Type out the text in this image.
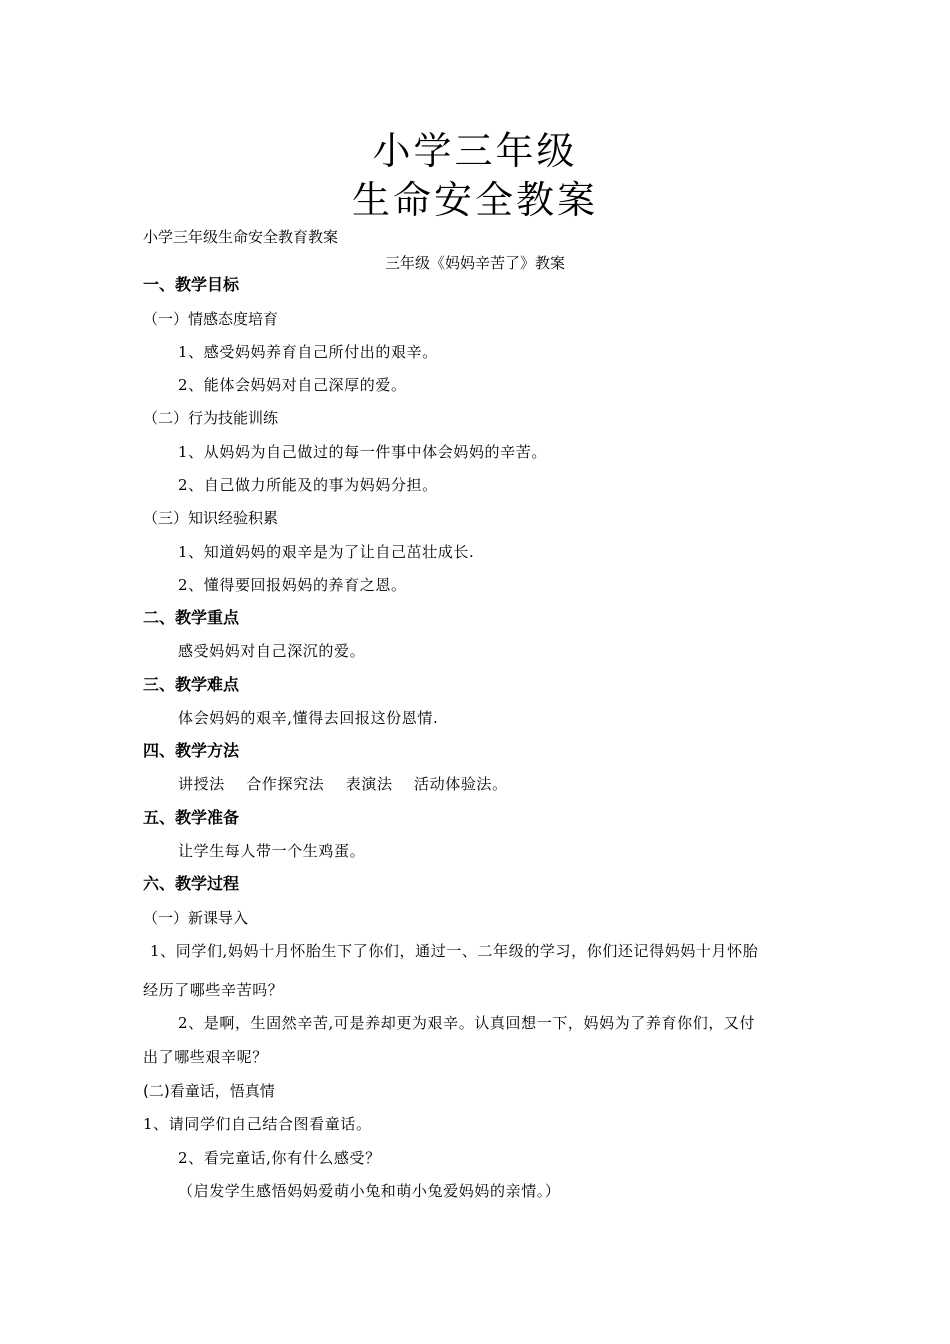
小学三年级
生命安全教案
小学三年级生命安全教育教案
三年级《妈妈辛苦了》教案
一、教学目标
（一）情感态度培育
1、感受妈妈养育自己所付出的艰辛。
2、能体会妈妈对自己深厚的爱。
（二）行为技能训练
1、从妈妈为自己做过的每一件事中体会妈妈的辛苦。
2、自己做力所能及的事为妈妈分担。
（三）知识经验积累
1、知道妈妈的艰辛是为了让自己茁壮成长.
2、懂得要回报妈妈的养育之恩。
二、教学重点
感受妈妈对自己深沉的爱。
三、教学难点
体会妈妈的艰辛,懂得去回报这份恩情.
四、教学方法
讲授法    合作探究法    表演法    活动体验法。
五、教学准备
让学生每人带一个生鸡蛋。
六、教学过程
（一）新课导入
1、同学们,妈妈十月怀胎生下了你们，通过一、二年级的学习，你们还记得妈妈十月怀胎
经历了哪些辛苦吗？
2、是啊，生固然辛苦,可是养却更为艰辛。认真回想一下，妈妈为了养育你们，又付
出了哪些艰辛呢？
(二)看童话，悟真情
1、请同学们自己结合图看童话。
2、看完童话,你有什么感受？
（启发学生感悟妈妈爱萌小兔和萌小兔爱妈妈的亲情。）
